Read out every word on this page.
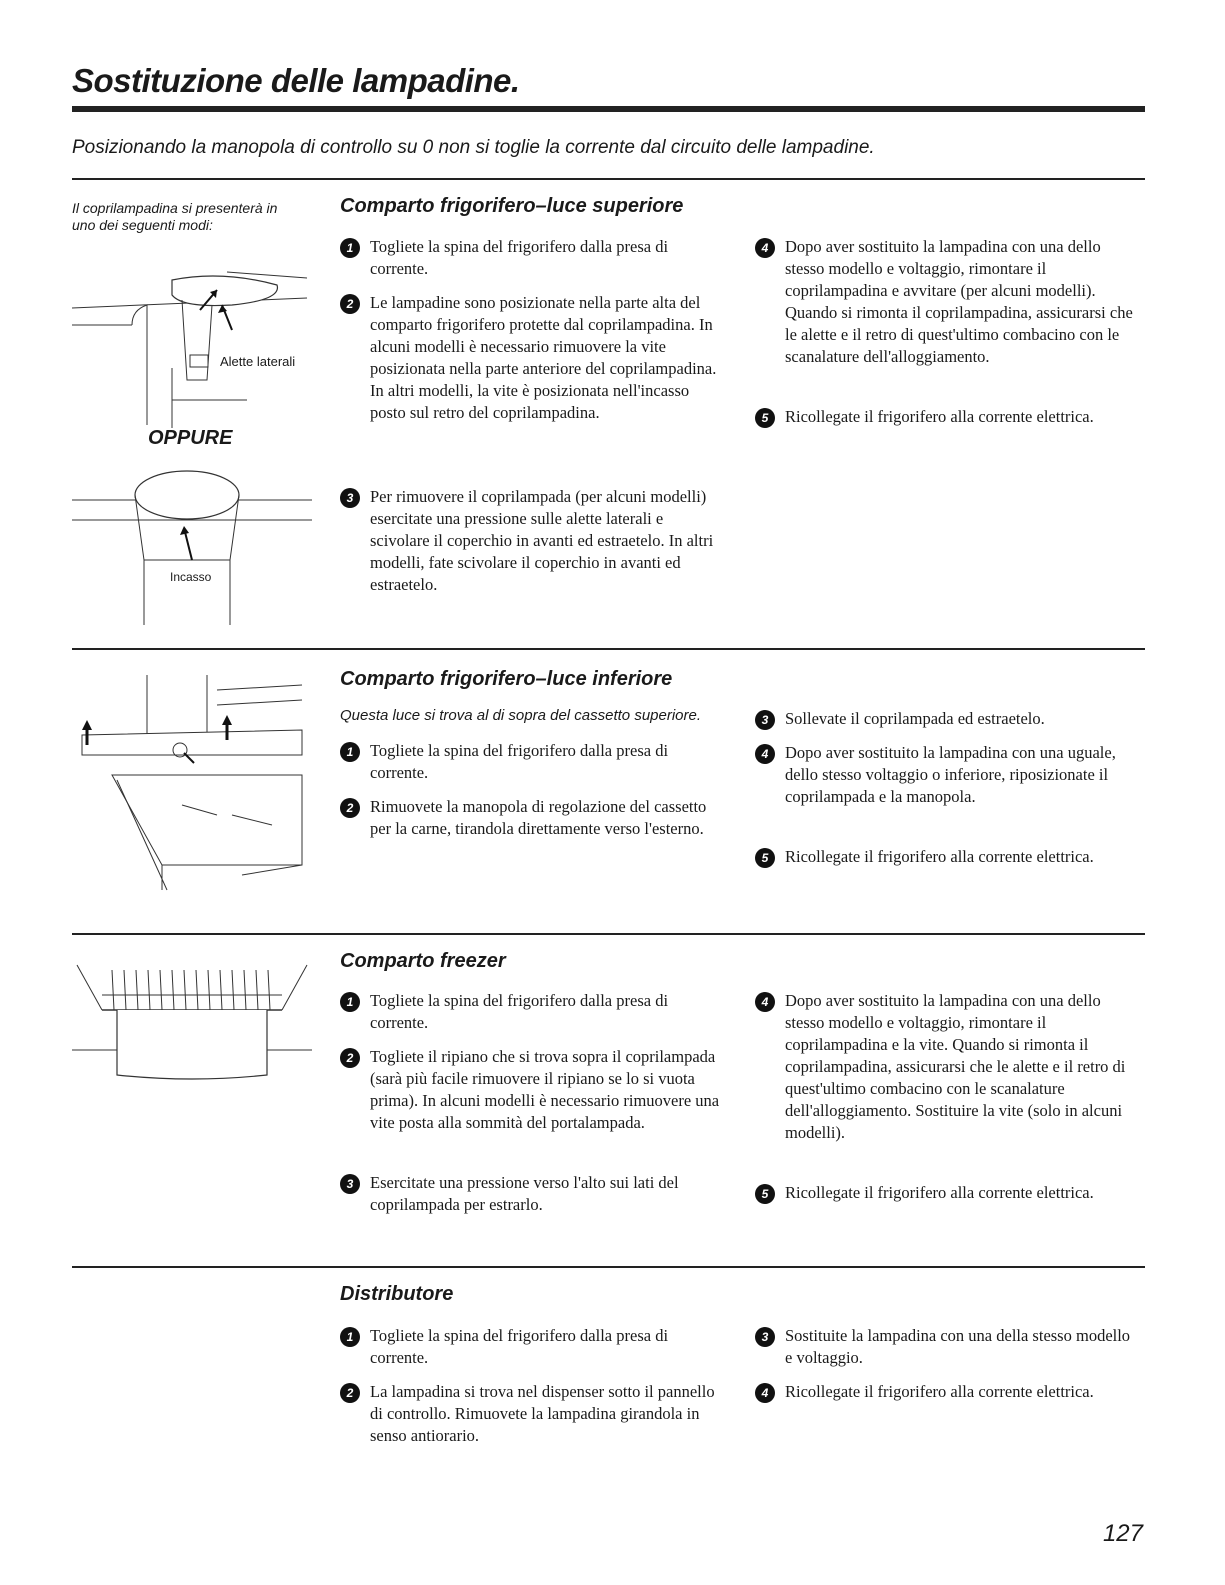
Sostituzione delle lampadine.

Posizionando la manopola di controllo su 0 non si toglie la corrente dal circuito delle lampadine.

Il coprilampadina si presenterà in uno dei seguenti modi:
Alette laterali
OPPURE
Incasso
Comparto frigorifero–luce superiore
1	Togliete la spina del frigorifero dalla presa di corrente.
2	Le lampadine sono posizionate nella parte alta del comparto frigorifero protette dal coprilampadina. In alcuni modelli è necessario rimuovere la vite posizionata nella parte anteriore del coprilampadina. In altri modelli, la vite è posizionata nell'incasso posto sul retro del coprilampadina.
3	Per rimuovere il coprilampada (per alcuni modelli) esercitate una pressione sulle alette laterali e scivolare il coperchio in avanti ed estraetelo. In altri modelli, fate scivolare il coperchio in avanti ed estraetelo.
4	Dopo aver sostituito la lampadina con una dello stesso modello e voltaggio, rimontare il coprilampadina e avvitare (per alcuni modelli). Quando si rimonta il coprilampadina, assicurarsi che le alette e il retro di quest'ultimo combacino con le scanalature dell'alloggiamento.
5	Ricollegate il frigorifero alla corrente elettrica.
Comparto frigorifero–luce inferiore
Questa luce si trova al di sopra del cassetto superiore.
1	Togliete la spina del frigorifero dalla presa di corrente.
2	Rimuovete la manopola di regolazione del cassetto per la carne, tirandola direttamente verso l'esterno.
3	Sollevate il coprilampada ed estraetelo.
4	Dopo aver sostituito la lampadina con una uguale, dello stesso voltaggio o inferiore, riposizionate il coprilampada e la manopola.
5	Ricollegate il frigorifero alla corrente elettrica.
Comparto freezer
1	Togliete la spina del frigorifero dalla presa di corrente.
2	Togliete il ripiano che si trova sopra il coprilampada (sarà più facile rimuovere il ripiano se lo si vuota prima). In alcuni modelli è necessario rimuovere una vite posta alla sommità del portalampada.
3	Esercitate una pressione verso l'alto sui lati del coprilampada per estrarlo.
4	Dopo aver sostituito la lampadina con una dello stesso modello e voltaggio, rimontare il coprilampadina e la vite. Quando si rimonta il coprilampadina, assicurarsi che le alette e il retro di quest'ultimo combacino con le scanalature dell'alloggiamento. Sostituire la vite (solo in alcuni modelli).
5	Ricollegate il frigorifero alla corrente elettrica.
Distributore
1	Togliete la spina del frigorifero dalla presa di corrente.
2	La lampadina si trova nel dispenser sotto il pannello di controllo. Rimuovete la lampadina girandola in senso antiorario.
3	Sostituite la lampadina con una della stesso modello e voltaggio.
4	Ricollegate il frigorifero alla corrente elettrica.
127
